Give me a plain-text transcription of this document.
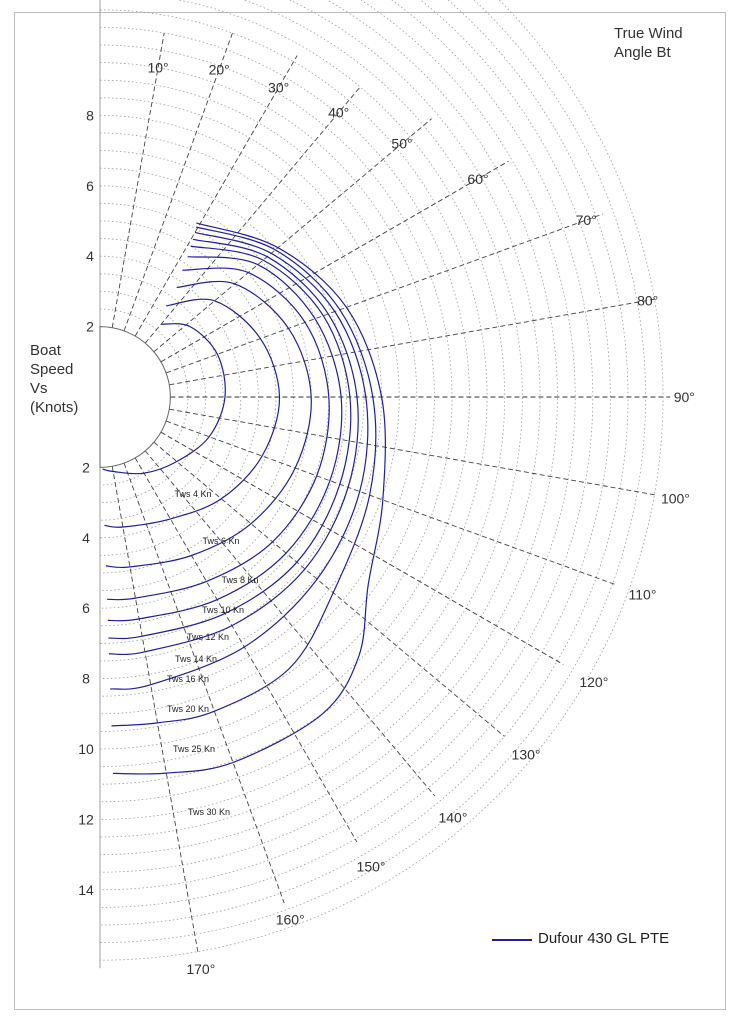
10°	20°
30°
40°
50°
60°
70°
80°
90°
100°
110°
120°
130°
140°
150°
160°
170°
2
4
6
8
2
4
6
8
10
12
14
Tws 4 Kn
Tws 6 Kn
Tws 8 Kn
Tws 10 Kn
Tws 12 Kn
Tws 14 Kn
Tws 16 Kn
Tws 20 Kn
Tws 25 Kn
Tws 30 Kn
True Wind
Angle Bt
Boat
Speed
Vs
(Knots)
Dufour 430 GL PTE
